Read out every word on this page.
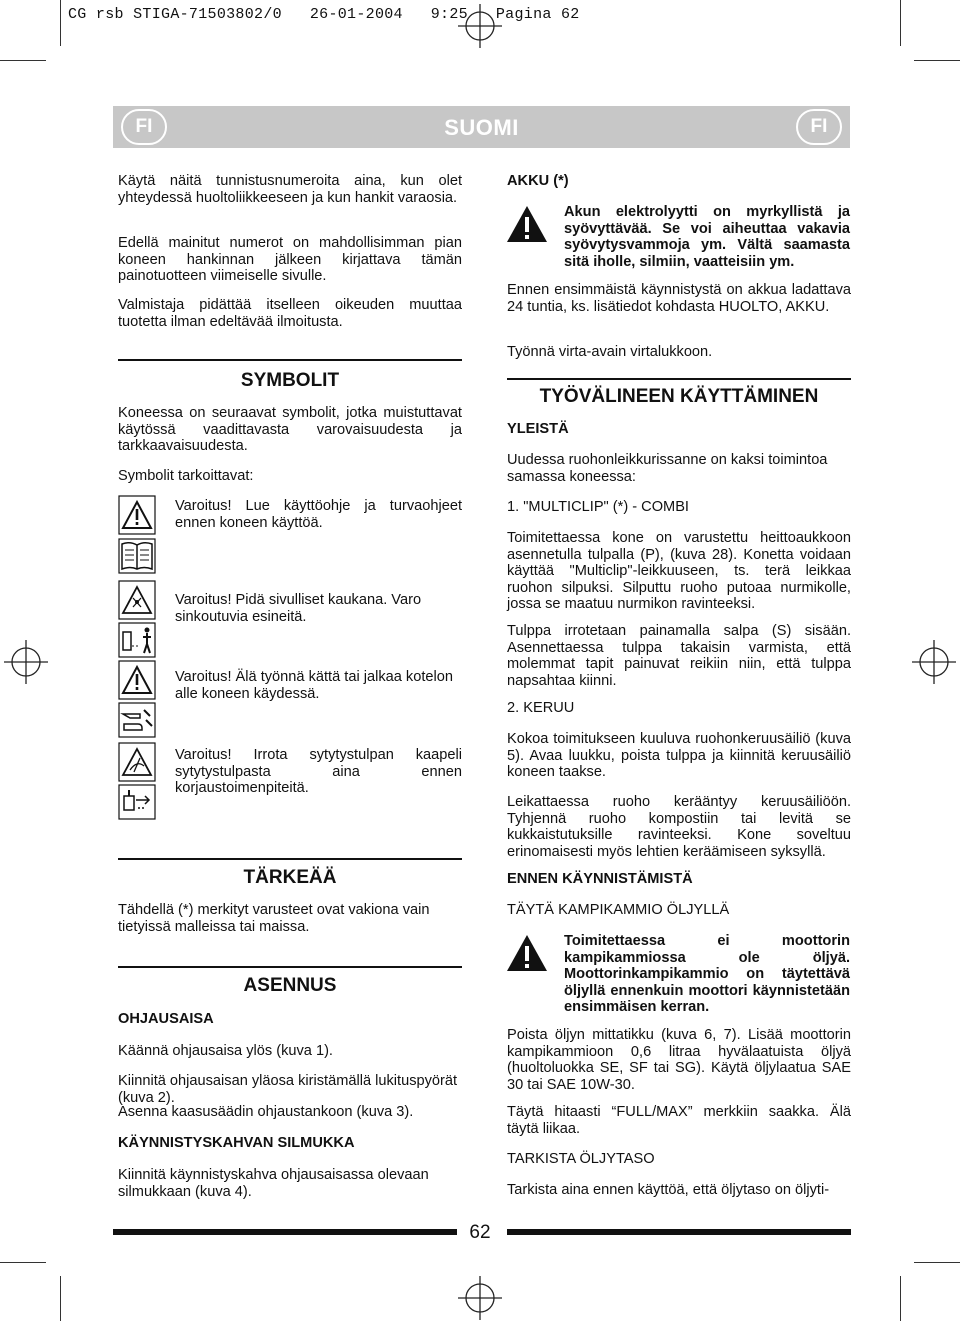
CG rsb STIGA-71503802/0   26-01-2004   9:25   Pagina 62
FI	SUOMI	FI
Käytä näitä tunnistusnumeroita aina, kun olet yhteydessä huoltoliikkeeseen ja kun hankit varaosia.
Edellä mainitut numerot on mahdollisimman pian koneen hankinnan jälkeen kirjattava tämän painotuotteen viimeiselle sivulle.
Valmistaja pidättää itselleen oikeuden muuttaa tuotetta ilman edeltävää ilmoitusta.
SYMBOLIT
Koneessa on seuraavat symbolit, jotka muistuttavat käytössä vaadittavasta varovaisuudesta ja tarkkaavaisuudesta.
Symbolit tarkoittavat:
Varoitus! Lue käyttöohje ja turvaohjeet ennen koneen käyttöä.
Varoitus! Pidä sivulliset kaukana. Varo sinkoutuvia esineitä.
Varoitus! Älä työnnä kättä tai jalkaa kotelon alle koneen käydessä.
Varoitus! Irrota sytytystulpan kaapeli sytytystulpasta aina ennen korjaustoimenpiteitä.
TÄRKEÄÄ
Tähdellä (*) merkityt varusteet ovat vakiona vain tietyissä malleissa tai maissa.
ASENNUS
OHJAUSAISA
Käännä ohjausaisa ylös (kuva 1).
Kiinnitä ohjausaisan yläosa kiristämällä lukituspyörät (kuva 2).
Asenna kaasusäädin ohjaustankoon (kuva 3).
KÄYNNISTYSKAHVAN SILMUKKA
Kiinnitä käynnistyskahva ohjausaisassa olevaan silmukkaan (kuva 4).
AKKU (*)
Akun elektrolyytti on myrkyllistä ja syövyttävää. Se voi aiheuttaa vakavia syövytysvammoja ym. Vältä saamasta sitä iholle, silmiin, vaatteisiin ym.
Ennen ensimmäistä käynnistystä on akkua ladattava 24 tuntia, ks. lisätiedot kohdasta HUOLTO, AKKU.
Työnnä virta-avain virtalukkoon.
TYÖVÄLINEEN KÄYTTÄMINEN
YLEISTÄ
Uudessa ruohonleikkurissanne on kaksi toimintoa samassa koneessa:
1. "MULTICLIP" (*) - COMBI
Toimitettaessa kone on varustettu heittoaukkoon asennetulla tulpalla (P), (kuva 28). Konetta voidaan käyttää "Multiclip"-leikkuuseen, ts. terä leikkaa ruohon silpuksi. Silputtu ruoho putoaa nurmikolle, jossa se maatuu nurmikon ravinteeksi.
Tulppa irrotetaan painamalla salpa (S) sisään. Asennettaessa tulppa takaisin varmista, että molemmat tapit painuvat reikiin niin, että tulppa napsahtaa kiinni.
2. KERUU
Kokoa toimitukseen kuuluva ruohonkeruusäiliö (kuva 5). Avaa luukku, poista tulppa ja kiinnitä keruusäiliö koneen taakse.
Leikattaessa ruoho kerääntyy keruusäiliöön. Tyhjennä ruoho kompostiin tai levitä se kukkaistutuksille ravinteeksi. Kone soveltuu erinomaisesti myös lehtien keräämiseen syksyllä.
ENNEN KÄYNNISTÄMISTÄ
TÄYTÄ KAMPIKAMMIO ÖLJYLLÄ
Toimitettaessa ei moottorin kampikammiossa ole öljyä. Moottorinkampikammio on täytettävä öljyllä ennenkuin moottori käynnistetään ensimmäisen kerran.
Poista öljyn mittatikku (kuva 6, 7). Lisää moottorin kampikammioon 0,6 litraa hyvälaatuista öljyä (huoltoluokka SE, SF tai SG). Käytä öljylaatua SAE 30 tai SAE 10W-30.
Täytä hitaasti “FULL/MAX” merkkiin saakka. Älä täytä liikaa.
TARKISTA ÖLJYTASO
Tarkista aina ennen käyttöä, että öljytaso on öljyti-
62
